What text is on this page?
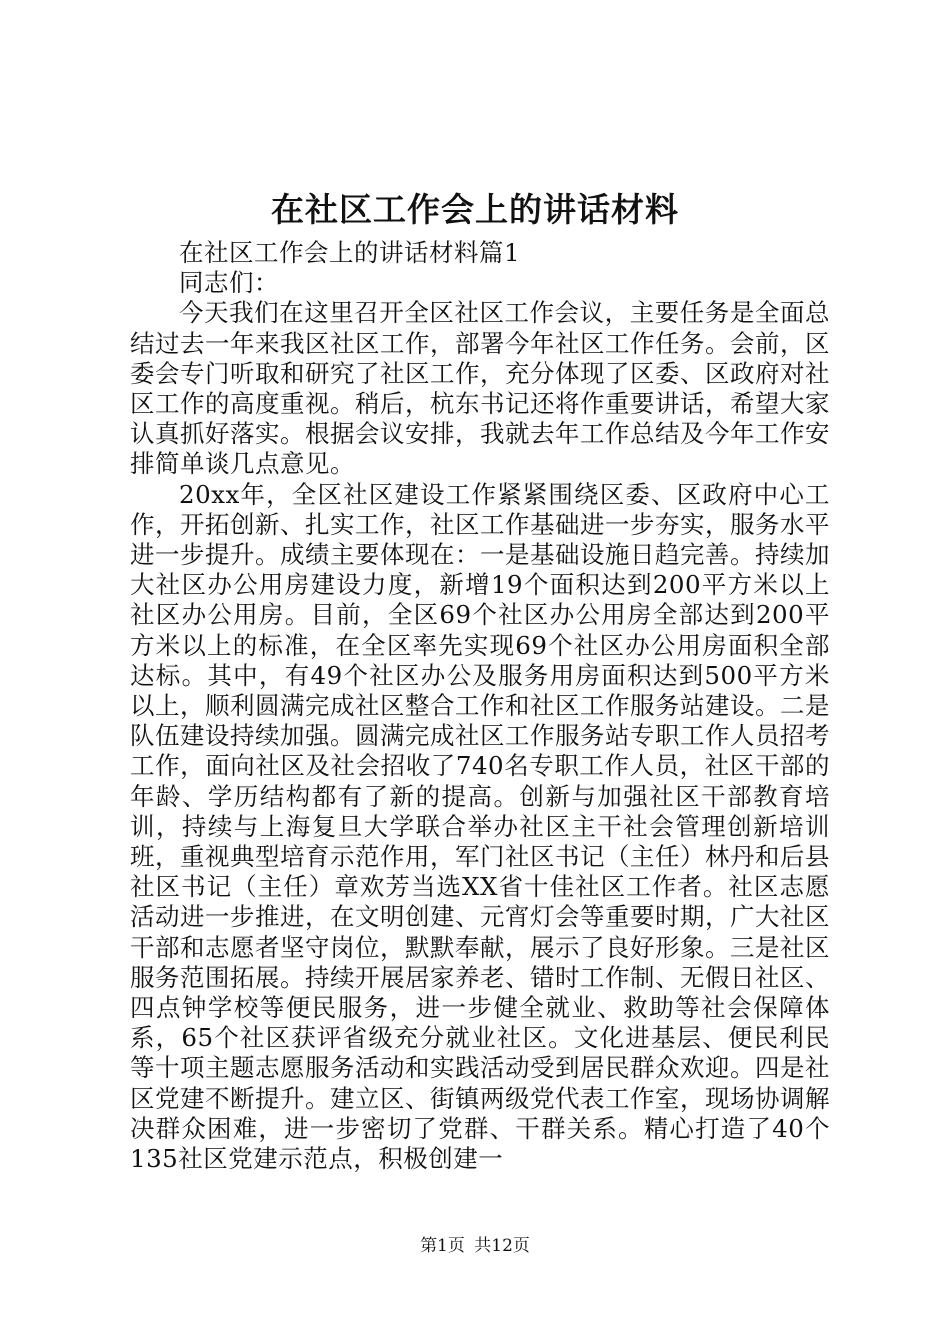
在社区工作会上的讲话材料

在社区工作会上的讲话材料篇1

同志们：

今天我们在这里召开全区社区工作会议，主要任务是全面总结过去一年来我区社区工作，部署今年社区工作任务。会前，区委会专门听取和研究了社区工作，充分体现了区委、区政府对社区工作的高度重视。稍后，杭东书记还将作重要讲话，希望大家认真抓好落实。根据会议安排，我就去年工作总结及今年工作安排简单谈几点意见。

20xx年，全区社区建设工作紧紧围绕区委、区政府中心工作，开拓创新、扎实工作，社区工作基础进一步夯实，服务水平进一步提升。成绩主要体现在：一是基础设施日趋完善。持续加大社区办公用房建设力度，新增19个面积达到200平方米以上社区办公用房。目前，全区69个社区办公用房全部达到200平方米以上的标准，在全区率先实现69个社区办公用房面积全部达标。其中，有49个社区办公及服务用房面积达到500平方米以上，顺利圆满完成社区整合工作和社区工作服务站建设。二是队伍建设持续加强。圆满完成社区工作服务站专职工作人员招考工作，面向社区及社会招收了740名专职工作人员，社区干部的年龄、学历结构都有了新的提高。创新与加强社区干部教育培训，持续与上海复旦大学联合举办社区主干社会管理创新培训班，重视典型培育示范作用，军门社区书记（主任）林丹和后县社区书记（主任）章欢芳当选XX省十佳社区工作者。社区志愿活动进一步推进，在文明创建、元宵灯会等重要时期，广大社区干部和志愿者坚守岗位，默默奉献，展示了良好形象。三是社区服务范围拓展。持续开展居家养老、错时工作制、无假日社区、四点钟学校等便民服务，进一步健全就业、救助等社会保障体系，65个社区获评省级充分就业社区。文化进基层、便民利民等十项主题志愿服务活动和实践活动受到居民群众欢迎。四是社区党建不断提升。建立区、街镇两级党代表工作室，现场协调解决群众困难，进一步密切了党群、干群关系。精心打造了40个135社区党建示范点，积极创建一

第1页 共12页
